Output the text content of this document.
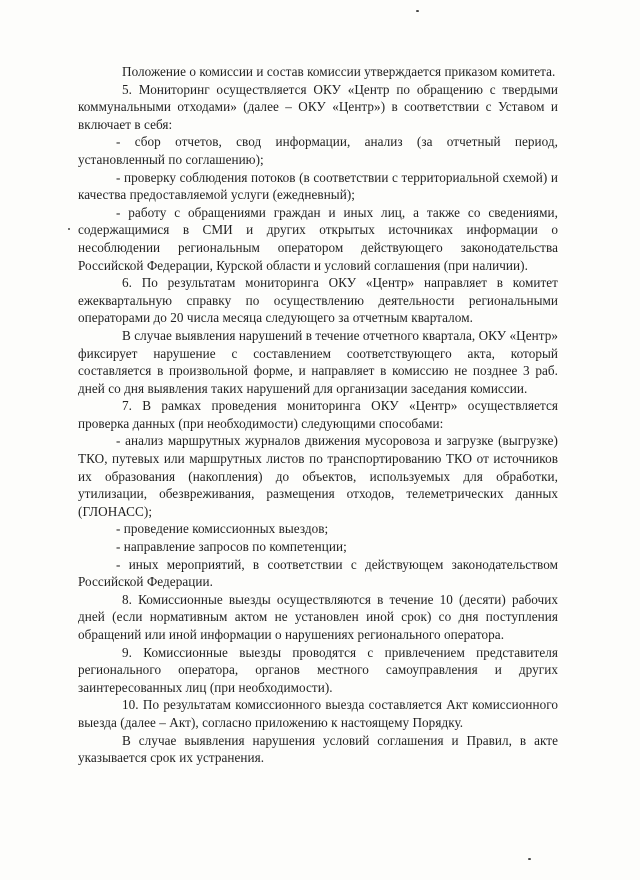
Положение о комиссии и состав комиссии утверждается приказом комитета.

5. Мониторинг осуществляется ОКУ «Центр по обращению с твердыми коммунальными отходами» (далее – ОКУ «Центр») в соответствии с Уставом и включает в себя:

- сбор отчетов, свод информации, анализ (за отчетный период, установленный по соглашению);

- проверку соблюдения потоков (в соответствии с территориальной схемой) и качества предоставляемой услуги (ежедневный);

- работу с обращениями граждан и иных лиц, а также со сведениями, содержащимися в СМИ и других открытых источниках информации о несоблюдении региональным оператором действующего законодательства Российской Федерации, Курской области и условий соглашения (при наличии).

6. По результатам мониторинга ОКУ «Центр» направляет в комитет ежеквартальную справку по осуществлению деятельности региональными операторами до 20 числа месяца следующего за отчетным кварталом.

В случае выявления нарушений в течение отчетного квартала, ОКУ «Центр» фиксирует нарушение с составлением соответствующего акта, который составляется в произвольной форме, и направляет в комиссию не позднее 3 раб. дней со дня выявления таких нарушений для организации заседания комиссии.

7. В рамках проведения мониторинга ОКУ «Центр» осуществляется проверка данных (при необходимости) следующими способами:

- анализ маршрутных журналов движения мусоровоза и загрузке (выгрузке) ТКО, путевых или маршрутных листов по транспортированию ТКО от источников их образования (накопления) до объектов, используемых для обработки, утилизации, обезвреживания, размещения отходов, телеметрических данных (ГЛОНАСС);

- проведение комиссионных выездов;

- направление запросов по компетенции;

- иных мероприятий, в соответствии с действующем законодательством Российской Федерации.

8. Комиссионные выезды осуществляются в течение 10 (десяти) рабочих дней (если нормативным актом не установлен иной срок) со дня поступления обращений или иной информации о нарушениях регионального оператора.

9. Комиссионные выезды проводятся с привлечением представителя регионального оператора, органов местного самоуправления и других заинтересованных лиц (при необходимости).

10. По результатам комиссионного выезда составляется Акт комиссионного выезда (далее – Акт), согласно приложению к настоящему Порядку.

В случае выявления нарушения условий соглашения и Правил, в акте указывается срок их устранения.
